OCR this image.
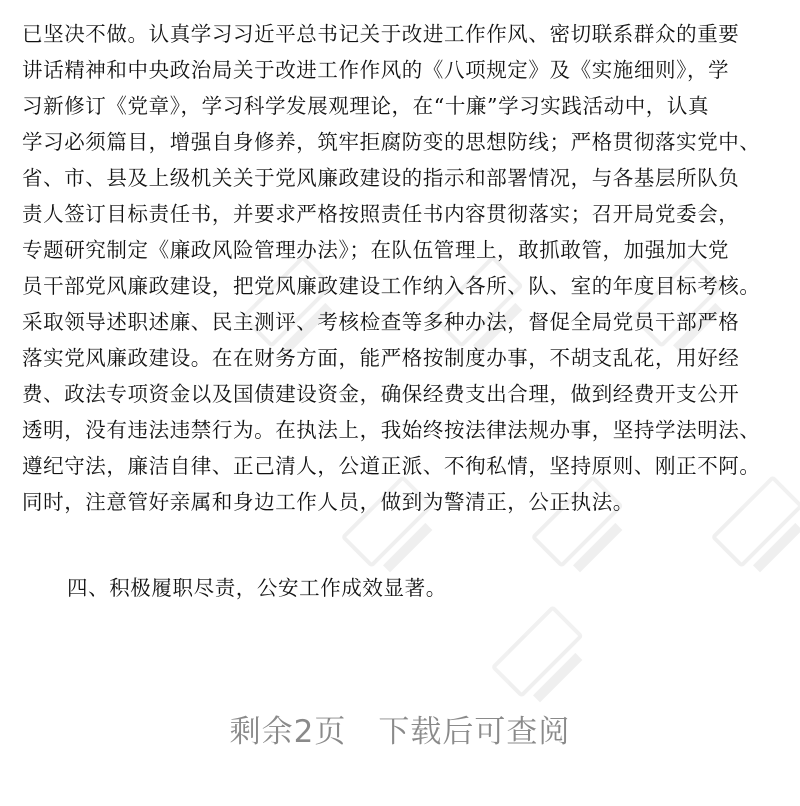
已坚决不做。认真学习习近平总书记关于改进工作作风、密切联系群众的重要
讲话精神和中央政治局关于改进工作作风的《八项规定》及《实施细则》，学
习新修订《党章》，学习科学发展观理论，在“十廉”学习实践活动中，认真
学习必须篇目，增强自身修养，筑牢拒腐防变的思想防线；严格贯彻落实党中、
省、市、县及上级机关关于党风廉政建设的指示和部署情况，与各基层所队负
责人签订目标责任书，并要求严格按照责任书内容贯彻落实；召开局党委会，
专题研究制定《廉政风险管理办法》；在队伍管理上，敢抓敢管，加强加大党
员干部党风廉政建设，把党风廉政建设工作纳入各所、队、室的年度目标考核。
采取领导述职述廉、民主测评、考核检查等多种办法，督促全局党员干部严格
落实党风廉政建设。在在财务方面，能严格按制度办事，不胡支乱花，用好经
费、政法专项资金以及国债建设资金，确保经费支出合理，做到经费开支公开
透明，没有违法违禁行为。在执法上，我始终按法律法规办事，坚持学法明法、
遵纪守法，廉洁自律、正己清人，公道正派、不徇私情，坚持原则、刚正不阿。
同时，注意管好亲属和身边工作人员，做到为警清正，公正执法。
四、积极履职尽责，公安工作成效显著。
剩余2页　下载后可查阅
